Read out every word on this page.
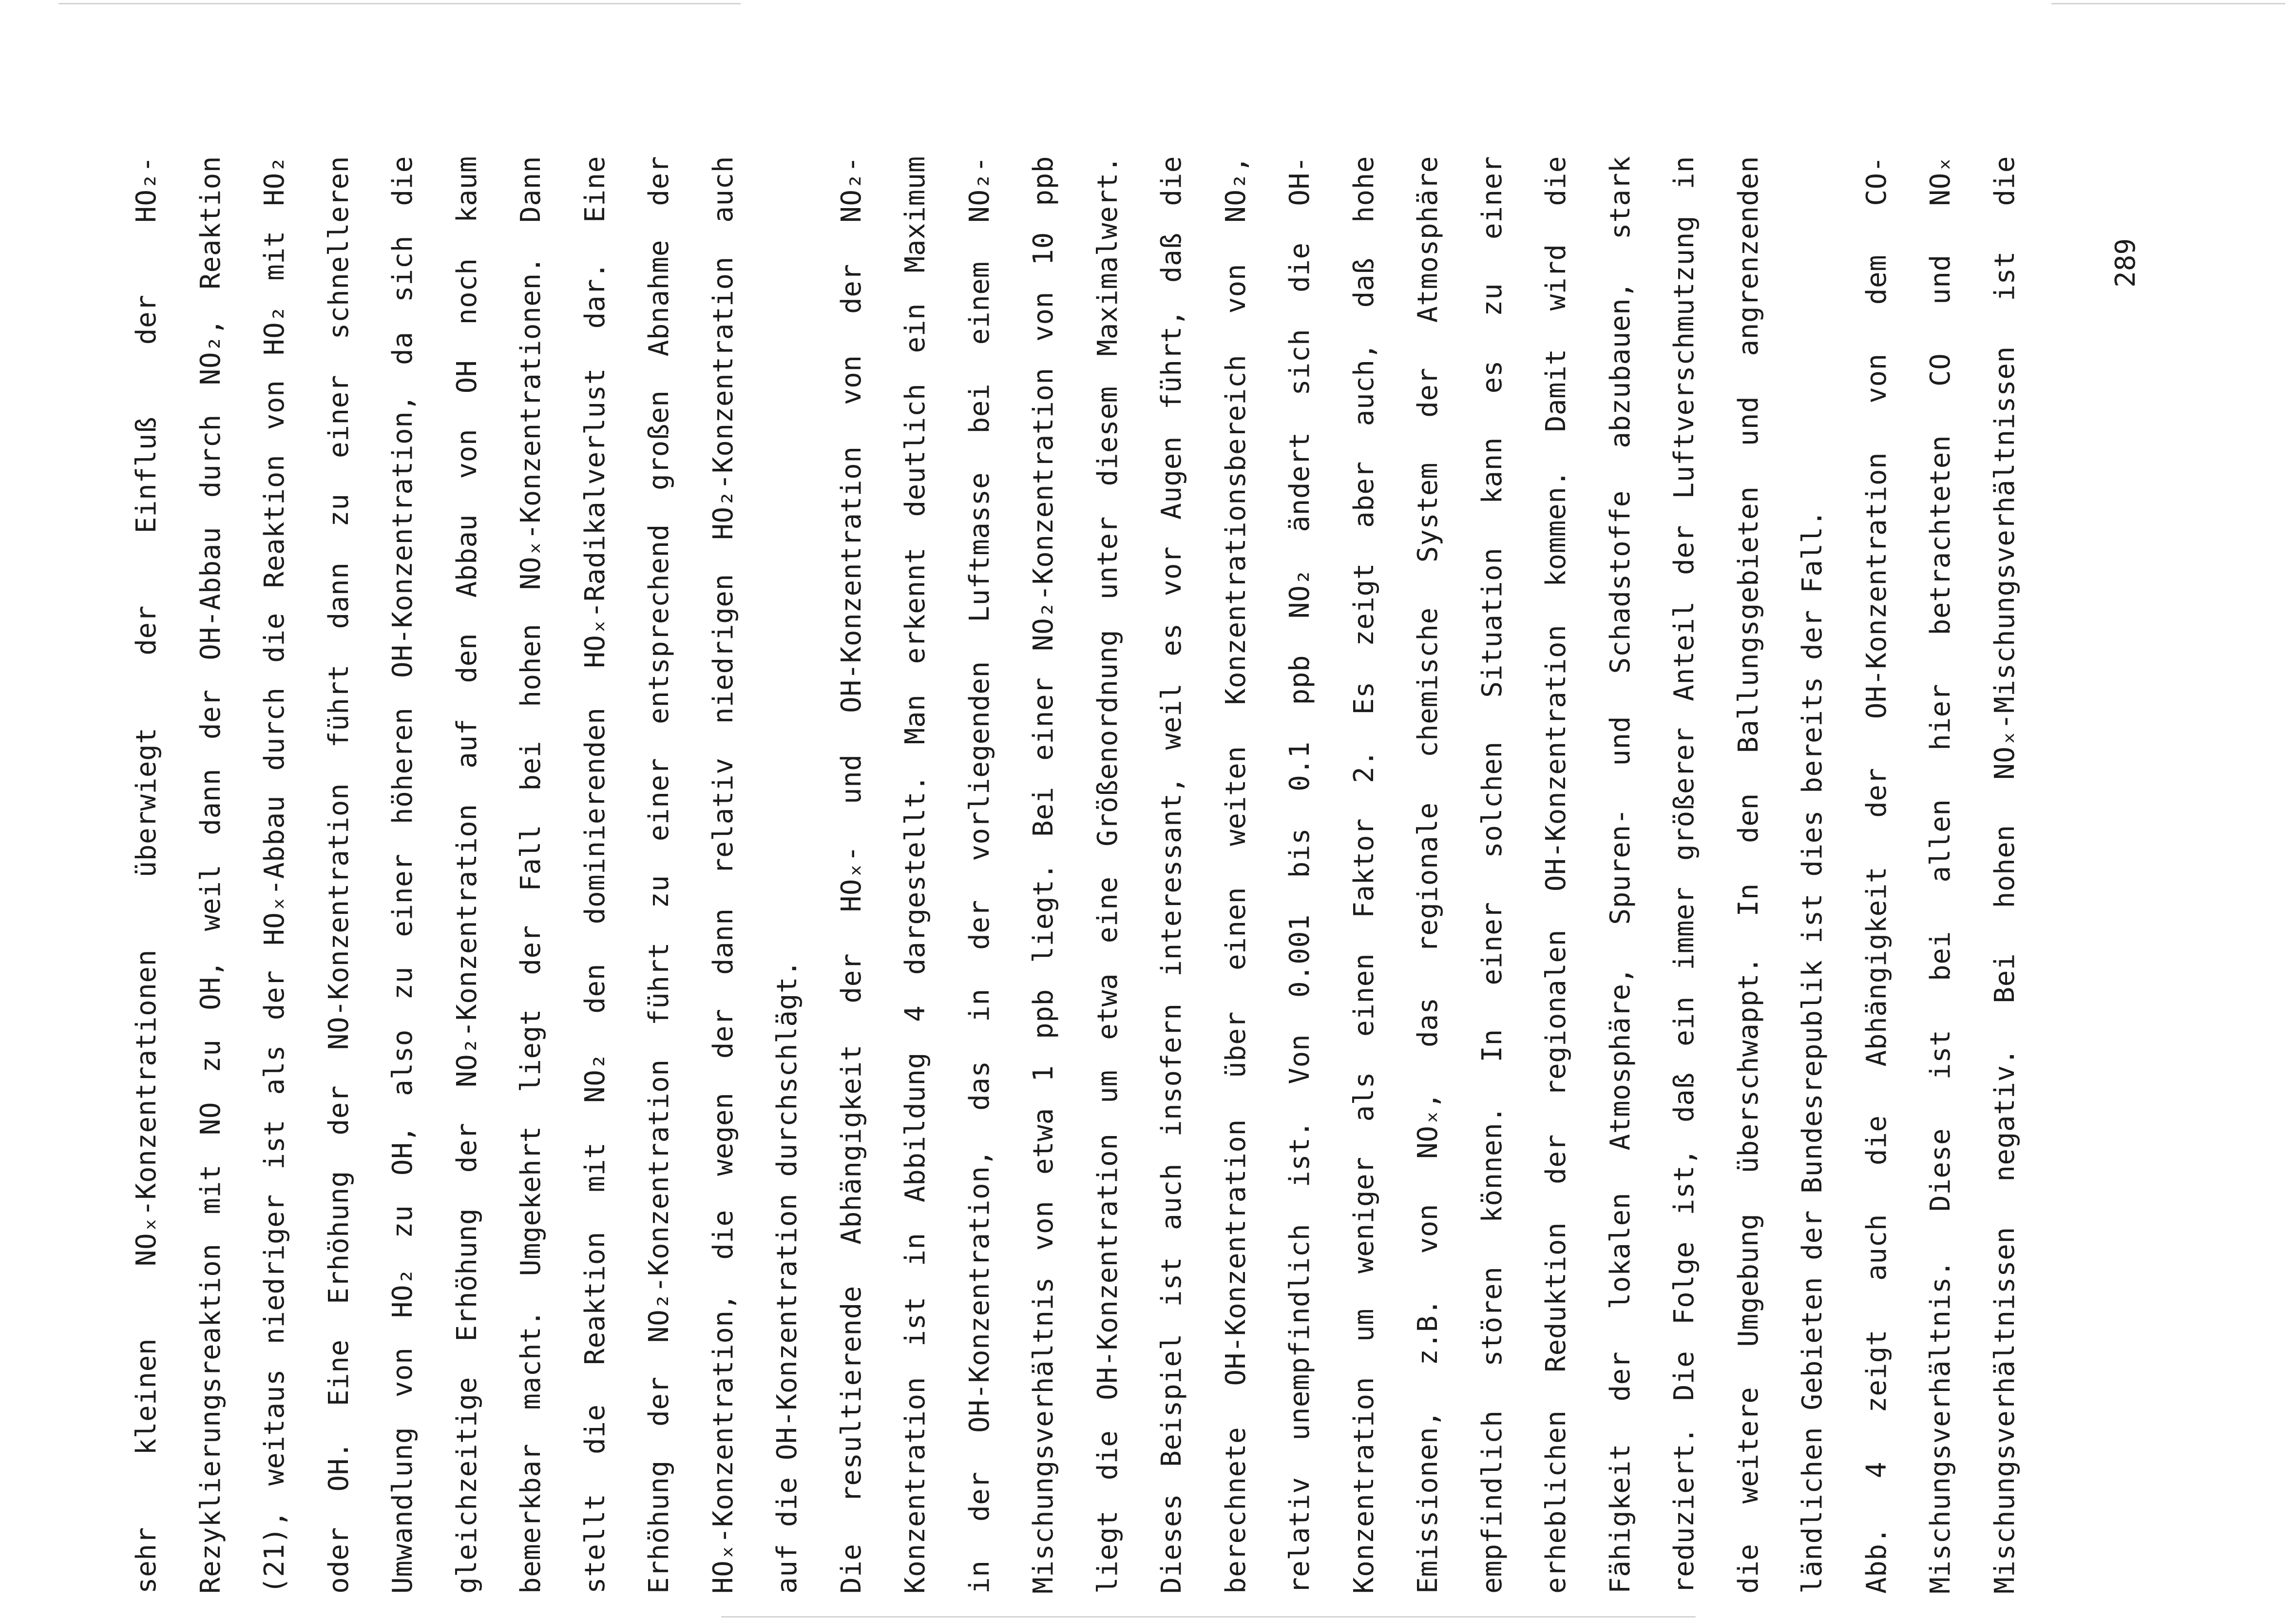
sehr kleinen NOₓ-Konzentrationen überwiegt der Einfluß der HO₂-	Rezyklierungsreaktion mit NO zu OH, weil dann der OH-Abbau durch NO₂, Reaktion	(21), weitaus niedriger ist als der HOₓ-Abbau durch die Reaktion von HO₂ mit HO₂	oder OH. Eine Erhöhung der NO-Konzentration führt dann zu einer schnelleren	Umwandlung von HO₂ zu OH, also zu einer höheren OH-Konzentration, da sich die	gleichzeitige Erhöhung der NO₂-Konzentration auf den Abbau von OH noch kaum	bemerkbar macht. Umgekehrt liegt der Fall bei hohen NOₓ-Konzentrationen. Dann	stellt die Reaktion mit NO₂ den dominierenden HOₓ-Radikalverlust dar. Eine	Erhöhung der NO₂-Konzentration führt zu einer entsprechend großen Abnahme der	HOₓ-Konzentration, die wegen der dann relativ niedrigen HO₂-Konzentration auch	auf die OH-Konzentration durchschlägt.	Die resultierende Abhängigkeit der HOₓ- und OH-Konzentration von der NO₂-	Konzentration ist in Abbildung 4 dargestellt. Man erkennt deutlich ein Maximum	in der OH-Konzentration, das in der vorliegenden Luftmasse bei einem NO₂-	Mischungsverhältnis von etwa 1 ppb liegt. Bei einer NO₂-Konzentration von 10 ppb	liegt die OH-Konzentration um etwa eine Größenordnung unter diesem Maximalwert.	Dieses Beispiel ist auch insofern interessant, weil es vor Augen führt, daß die	berechnete OH-Konzentration über einen weiten Konzentrationsbereich von NO₂,	relativ unempfindlich ist. Von 0.001 bis 0.1 ppb NO₂ ändert sich die OH-	Konzentration um weniger als einen Faktor 2. Es zeigt aber auch, daß hohe	Emissionen, z.B. von NOₓ, das regionale chemische System der Atmosphäre	empfindlich stören können. In einer solchen Situation kann es zu einer	erheblichen Reduktion der regionalen OH-Konzentration kommen. Damit wird die	Fähigkeit der lokalen Atmosphäre, Spuren- und Schadstoffe abzubauen, stark	reduziert. Die Folge ist, daß ein immer größerer Anteil der Luftverschmutzung in	die weitere Umgebung überschwappt. In den Ballungsgebieten und angrenzenden	ländlichen Gebieten der Bundesrepublik ist dies bereits der Fall.	Abb. 4 zeigt auch die Abhängigkeit der OH-Konzentration von dem CO-	Mischungsverhältnis. Diese ist bei allen hier betrachteten CO und NOₓ	Mischungsverhältnissen negativ. Bei hohen NOₓ-Mischungsverhältnissen ist die	289
